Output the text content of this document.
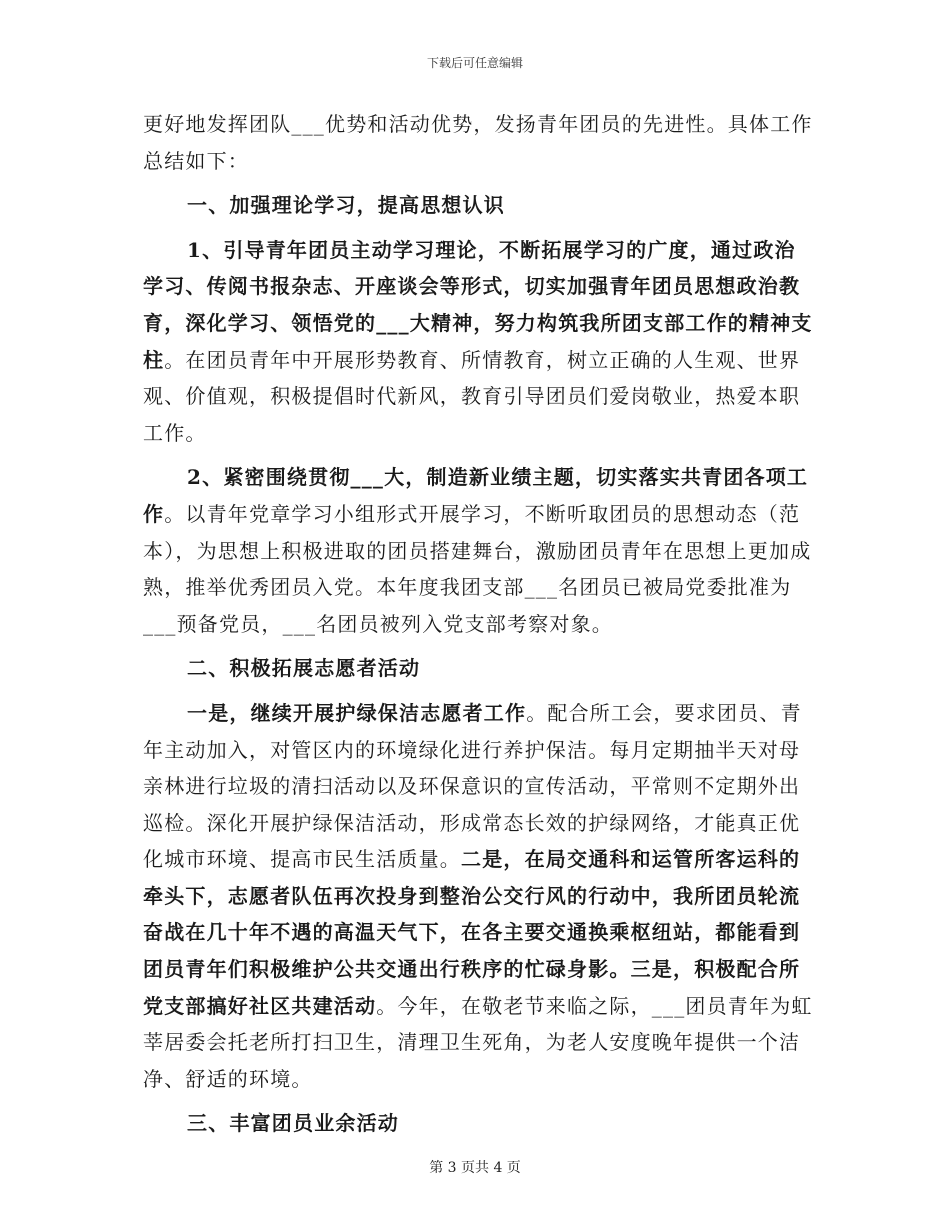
下载后可任意编辑

更好地发挥团队___优势和活动优势，发扬青年团员的先进性。具体工作总结如下：

一、加强理论学习，提高思想认识

1、引导青年团员主动学习理论，不断拓展学习的广度，通过政治学习、传阅书报杂志、开座谈会等形式，切实加强青年团员思想政治教育，深化学习、领悟党的___大精神，努力构筑我所团支部工作的精神支柱。在团员青年中开展形势教育、所情教育，树立正确的人生观、世界观、价值观，积极提倡时代新风，教育引导团员们爱岗敬业，热爱本职工作。

2、紧密围绕贯彻___大，制造新业绩主题，切实落实共青团各项工作。以青年党章学习小组形式开展学习，不断听取团员的思想动态（范本），为思想上积极进取的团员搭建舞台，激励团员青年在思想上更加成熟，推举优秀团员入党。本年度我团支部___名团员已被局党委批准为___预备党员，___名团员被列入党支部考察对象。

二、积极拓展志愿者活动

一是，继续开展护绿保洁志愿者工作。配合所工会，要求团员、青年主动加入，对管区内的环境绿化进行养护保洁。每月定期抽半天对母亲林进行垃圾的清扫活动以及环保意识的宣传活动，平常则不定期外出巡检。深化开展护绿保洁活动，形成常态长效的护绿网络，才能真正优化城市环境、提高市民生活质量。二是，在局交通科和运管所客运科的牵头下，志愿者队伍再次投身到整治公交行风的行动中，我所团员轮流奋战在几十年不遇的高温天气下，在各主要交通换乘枢纽站，都能看到团员青年们积极维护公共交通出行秩序的忙碌身影。三是，积极配合所党支部搞好社区共建活动。今年，在敬老节来临之际，___团员青年为虹莘居委会托老所打扫卫生，清理卫生死角，为老人安度晚年提供一个洁净、舒适的环境。

三、丰富团员业余活动

第 3 页共 4 页
